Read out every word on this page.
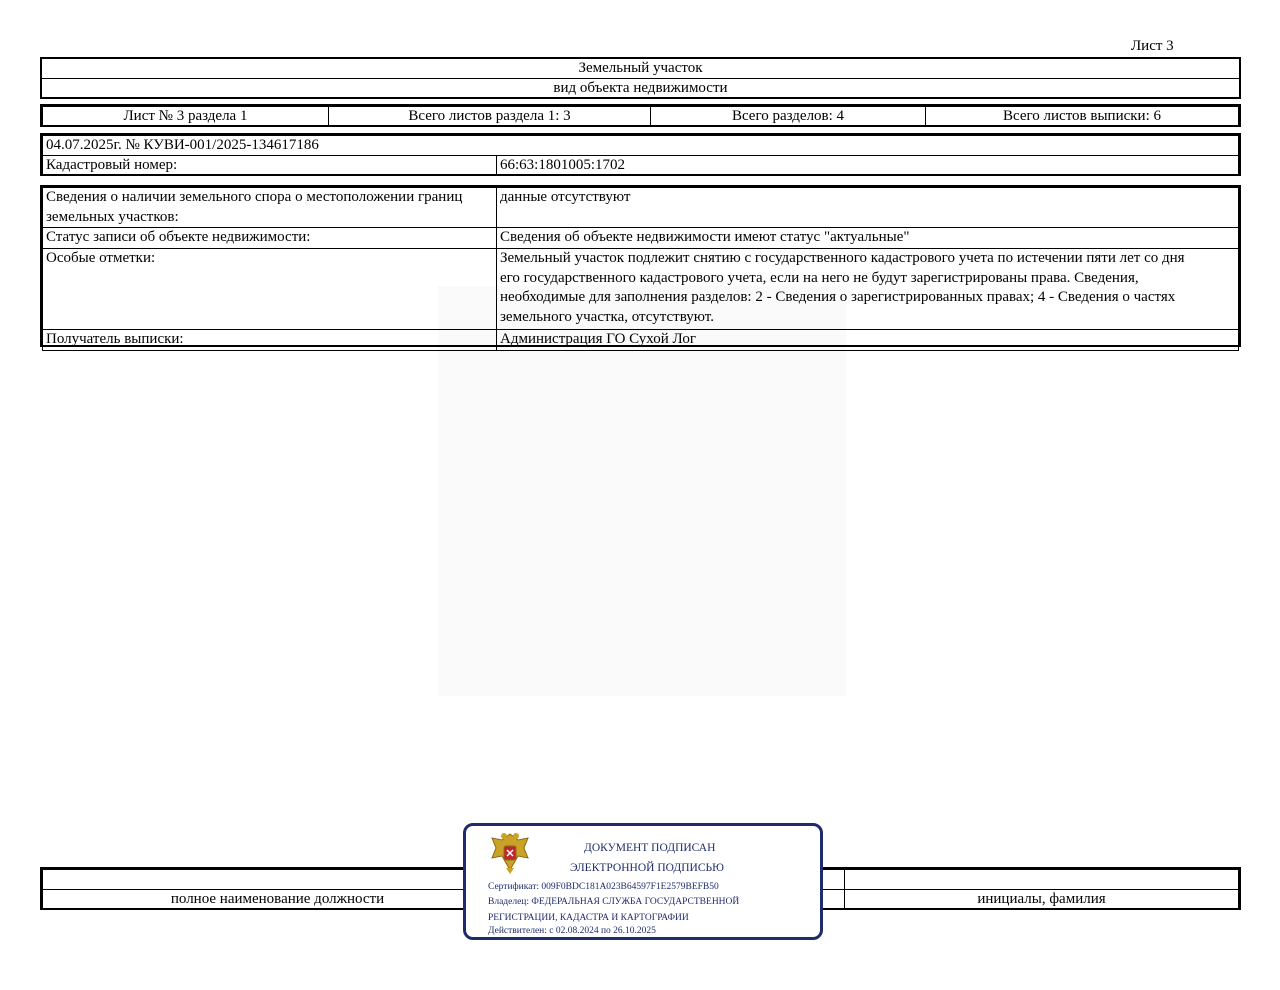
Лист 3
Земельный участок
вид объекта недвижимости
Лист № 3 раздела 1	Всего листов раздела 1: 3	Всего разделов: 4	Всего листов выписки: 6
04.07.2025г. № КУВИ-001/2025-134617186
Кадастровый номер:	66:63:1801005:1702
Сведения о наличии земельного спора о местоположении границ земельных участков:	данные отсутствуют
Статус записи об объекте недвижимости:	Сведения об объекте недвижимости имеют статус "актуальные"
Особые отметки:	Земельный участок подлежит снятию с государственного кадастрового учета по истечении пяти лет со дня его государственного кадастрового учета, если на него не будут зарегистрированы права. Сведения, необходимые для заполнения разделов: 2 - Сведения о зарегистрированных правах; 4 - Сведения о частях земельного участка, отсутствуют.
Получатель выписки:	Администрация ГО Сухой Лог

полное наименование должности		инициалы, фамилия
ДОКУМЕНТ ПОДПИСАН
ЭЛЕКТРОННОЙ ПОДПИСЬЮ
Сертификат: 009F0BDC181A023B64597F1E2579BEFB50
Владелец: ФЕДЕРАЛЬНАЯ СЛУЖБА ГОСУДАРСТВЕННОЙ
РЕГИСТРАЦИИ, КАДАСТРА И КАРТОГРАФИИ
Действителен: с 02.08.2024 по 26.10.2025
